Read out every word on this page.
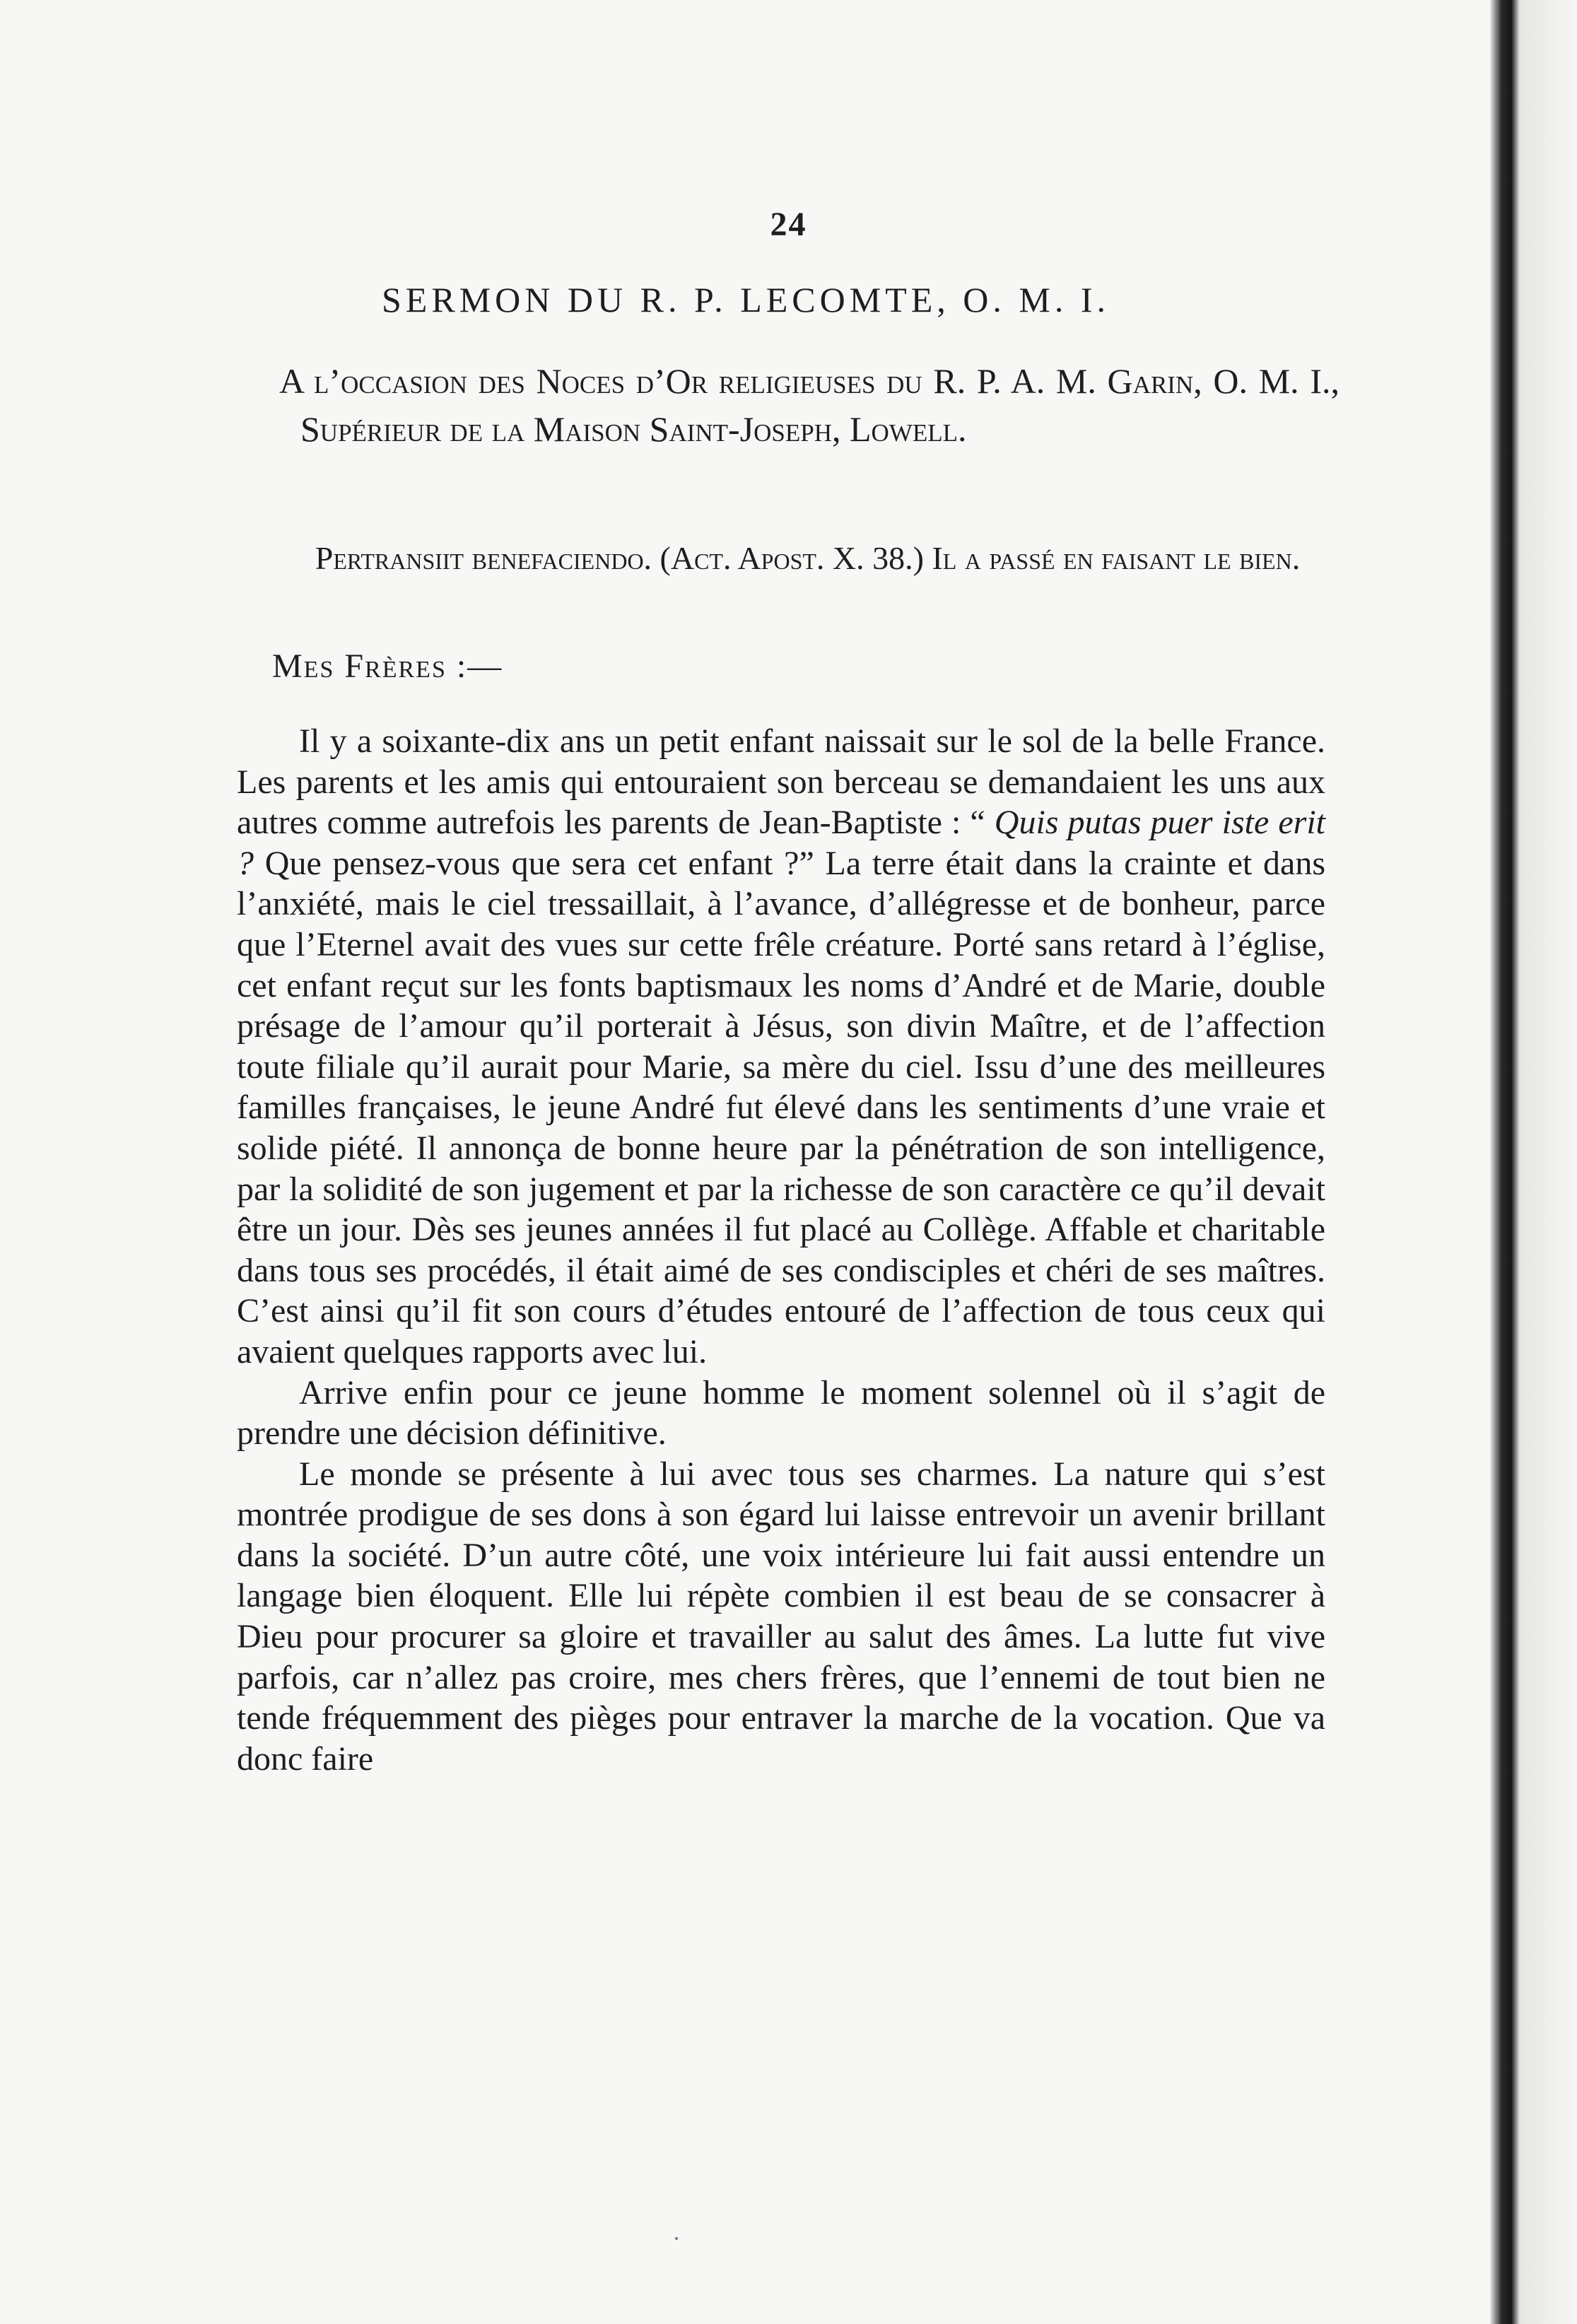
24
SERMON DU R. P. LECOMTE, O. M. I.
A l’occasion des Noces d’Or religieuses du R. P. A. M. Garin, O. M. I., Supérieur de la Maison Saint-Joseph, Lowell.
Pertransiit benefaciendo. (Act. Apost. X. 38.) Il a passé en faisant le bien.
Mes Frères :—

Il y a soixante-dix ans un petit enfant naissait sur le sol de la belle France. Les parents et les amis qui entouraient son berceau se demandaient les uns aux autres comme autrefois les parents de Jean-Baptiste : “ Quis putas puer iste erit ? Que pensez-vous que sera cet enfant ?” La terre était dans la crainte et dans l’anxiété, mais le ciel tressaillait, à l’avance, d’allégresse et de bonheur, parce que l’Eternel avait des vues sur cette frêle créature. Porté sans retard à l’église, cet enfant reçut sur les fonts baptismaux les noms d’André et de Marie, double présage de l’amour qu’il porterait à Jésus, son divin Maître, et de l’affection toute filiale qu’il aurait pour Marie, sa mère du ciel. Issu d’une des meilleures familles françaises, le jeune André fut élevé dans les sentiments d’une vraie et solide piété. Il annonça de bonne heure par la pénétration de son intelligence, par la solidité de son jugement et par la richesse de son caractère ce qu’il devait être un jour. Dès ses jeunes années il fut placé au Collège. Affable et charitable dans tous ses procédés, il était aimé de ses condisciples et chéri de ses maîtres. C’est ainsi qu’il fit son cours d’études entouré de l’affection de tous ceux qui avaient quelques rapports avec lui.

Arrive enfin pour ce jeune homme le moment solennel où il s’agit de prendre une décision définitive.

Le monde se présente à lui avec tous ses charmes. La nature qui s’est montrée prodigue de ses dons à son égard lui laisse entrevoir un avenir brillant dans la société. D’un autre côté, une voix intérieure lui fait aussi entendre un langage bien éloquent. Elle lui répète combien il est beau de se consacrer à Dieu pour procurer sa gloire et travailler au salut des âmes. La lutte fut vive parfois, car n’allez pas croire, mes chers frères, que l’ennemi de tout bien ne tende fréquemment des pièges pour entraver la marche de la vocation. Que va donc faire
